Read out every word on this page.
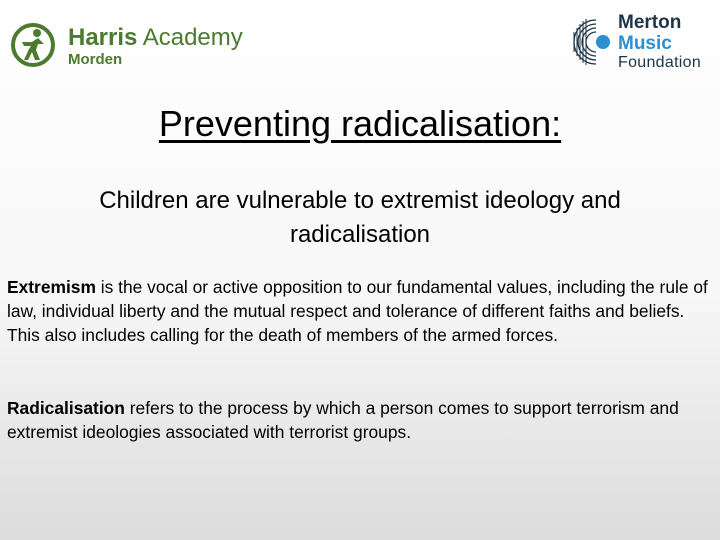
Harris Academy
Morden
Merton
Music
Foundation
Preventing radicalisation:
Children are vulnerable to extremist ideology and
radicalisation
Extremism is the vocal or active opposition to our fundamental values, including the rule of law, individual liberty and the mutual respect and tolerance of different faiths and beliefs. This also includes calling for the death of members of the armed forces.
Radicalisation refers to the process by which a person comes to support terrorism and extremist ideologies associated with terrorist groups.
